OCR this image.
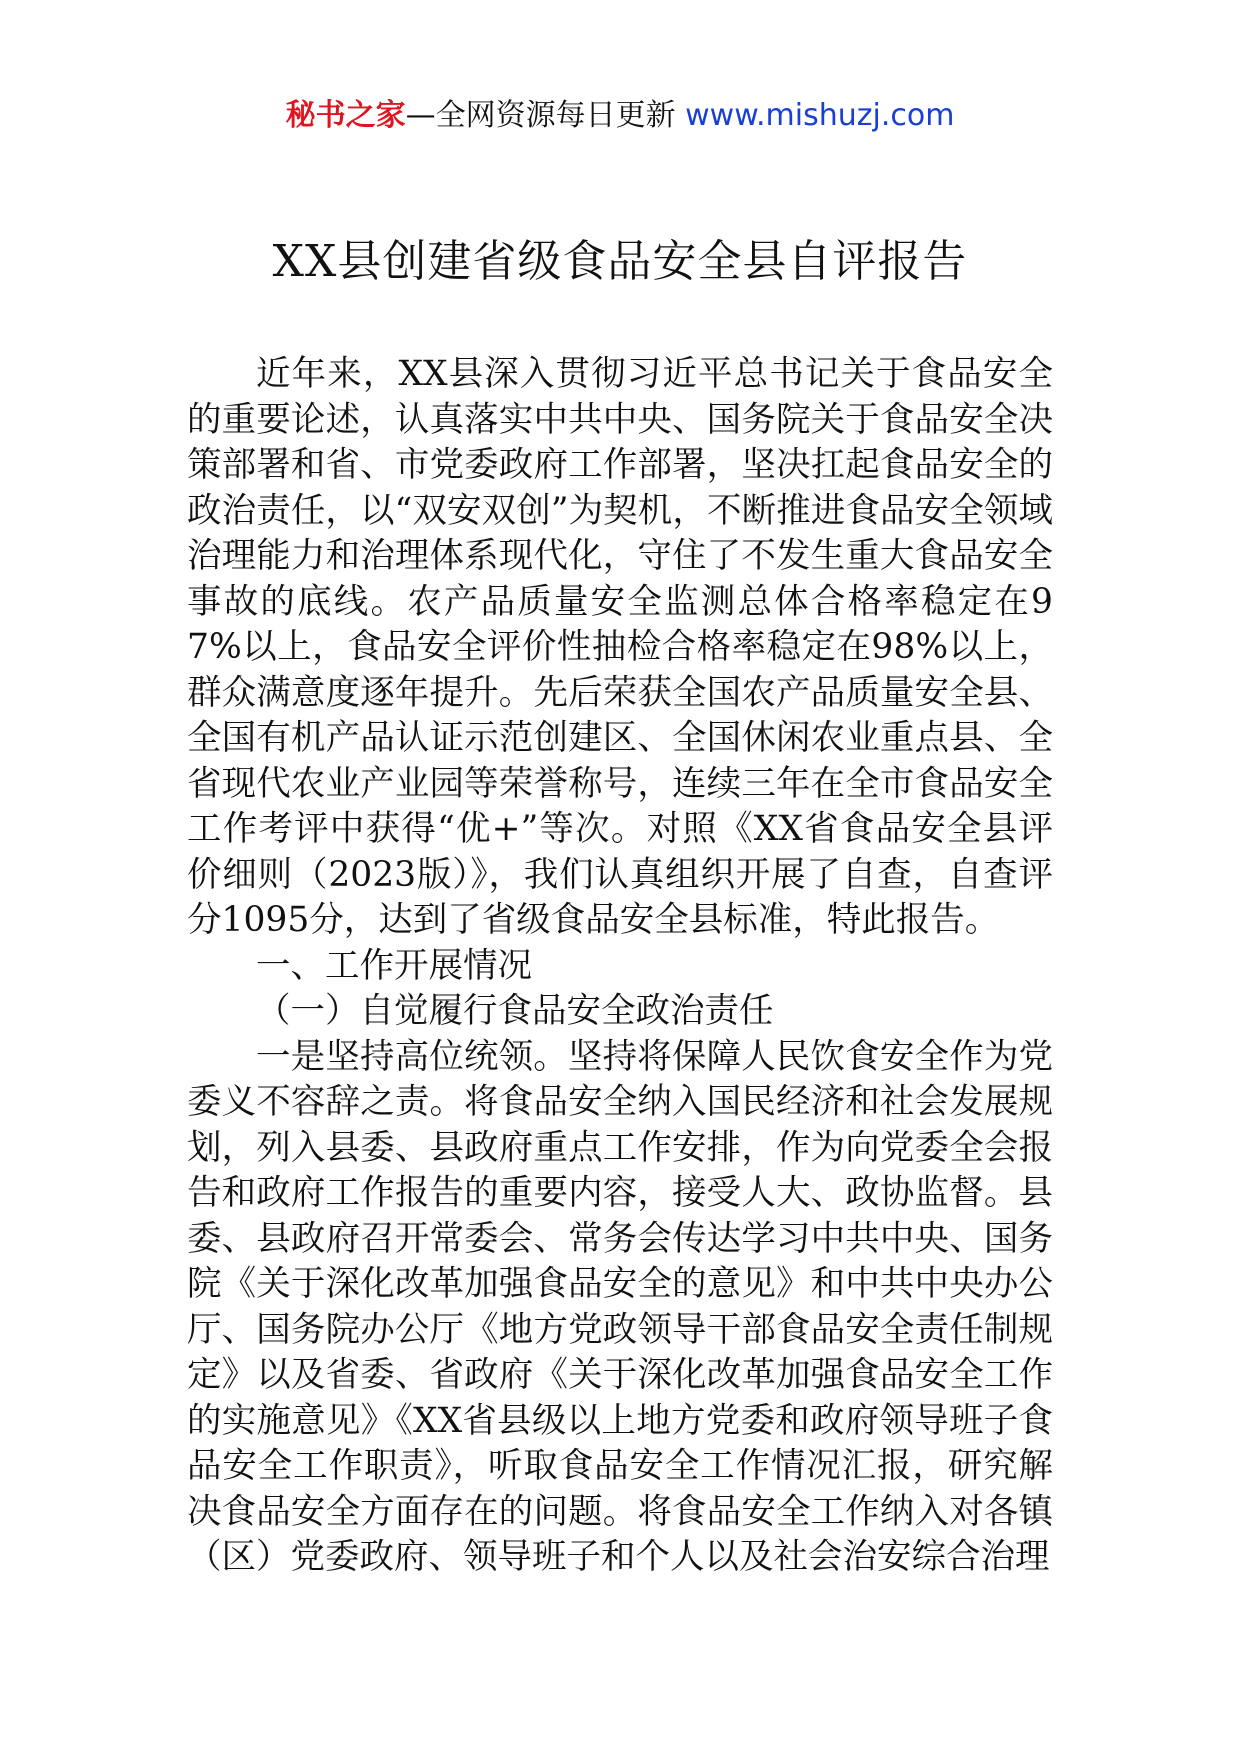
秘书之家—全网资源每日更新 www.mishuzj.com
XX县创建省级食品安全县自评报告

近年来，XX县深入贯彻习近平总书记关于食品安全的重要论述，认真落实中共中央、国务院关于食品安全决策部署和省、市党委政府工作部署，坚决扛起食品安全的政治责任，以“双安双创”为契机，不断推进食品安全领域治理能力和治理体系现代化，守住了不发生重大食品安全事故的底线。农产品质量安全监测总体合格率稳定在97%以上，食品安全评价性抽检合格率稳定在98%以上，群众满意度逐年提升。先后荣获全国农产品质量安全县、全国有机产品认证示范创建区、全国休闲农业重点县、全省现代农业产业园等荣誉称号，连续三年在全市食品安全工作考评中获得“优+”等次。对照《XX省食品安全县评价细则（2023版）》，我们认真组织开展了自查，自查评分1095分，达到了省级食品安全县标准，特此报告。

一、工作开展情况

（一）自觉履行食品安全政治责任

一是坚持高位统领。坚持将保障人民饮食安全作为党委义不容辞之责。将食品安全纳入国民经济和社会发展规划，列入县委、县政府重点工作安排，作为向党委全会报告和政府工作报告的重要内容，接受人大、政协监督。县委、县政府召开常委会、常务会传达学习中共中央、国务院《关于深化改革加强食品安全的意见》和中共中央办公厅、国务院办公厅《地方党政领导干部食品安全责任制规定》以及省委、省政府《关于深化改革加强食品安全工作的实施意见》《XX省县级以上地方党委和政府领导班子食品安全工作职责》，听取食品安全工作情况汇报，研究解决食品安全方面存在的问题。将食品安全工作纳入对各镇（区）党委政府、领导班子和个人以及社会治安综合治理
